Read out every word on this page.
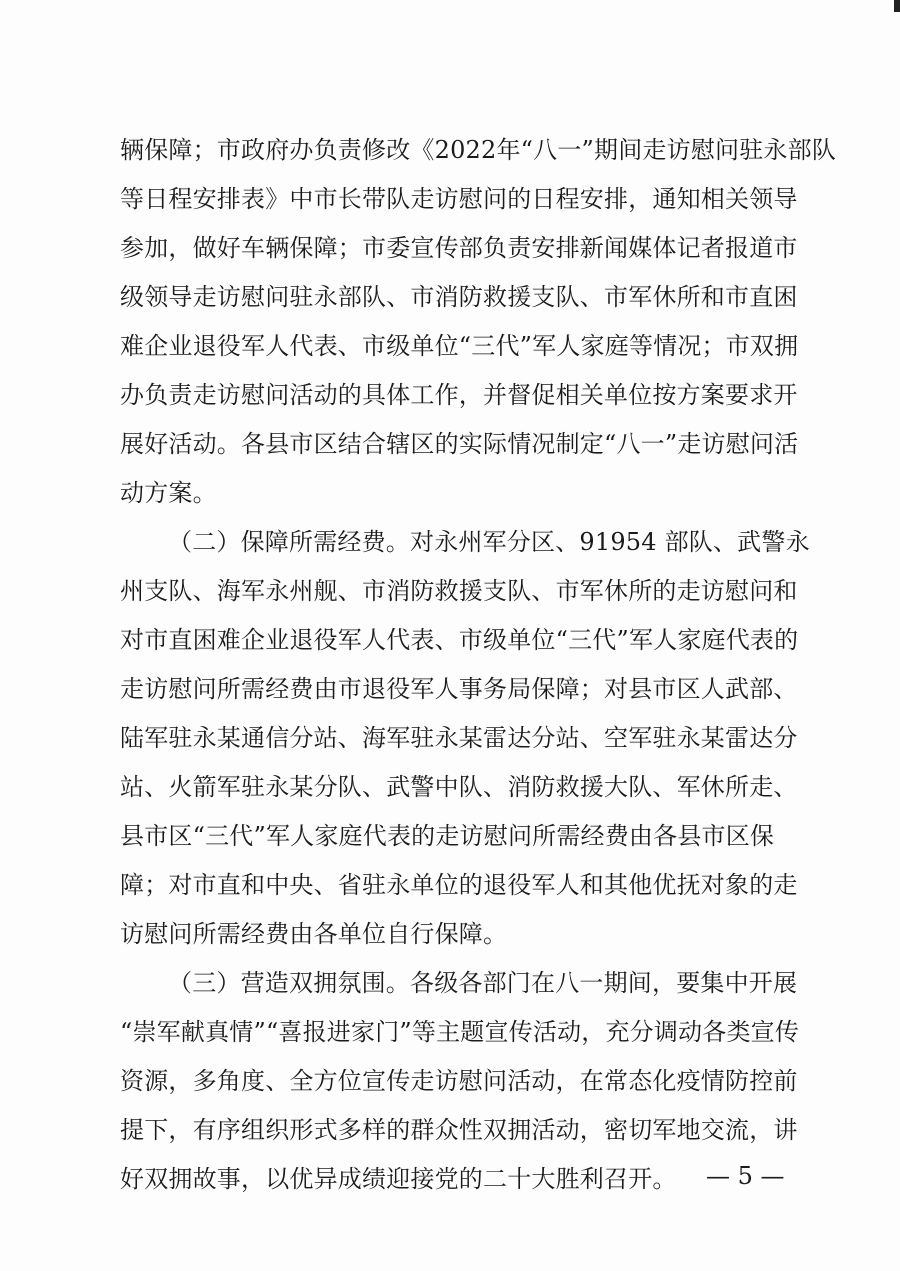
辆保障；市政府办负责修改《2022年“八一”期间走访慰问驻永部队
等日程安排表》中市长带队走访慰问的日程安排，通知相关领导
参加，做好车辆保障；市委宣传部负责安排新闻媒体记者报道市
级领导走访慰问驻永部队、市消防救援支队、市军休所和市直困
难企业退役军人代表、市级单位“三代”军人家庭等情况；市双拥
办负责走访慰问活动的具体工作，并督促相关单位按方案要求开
展好活动。各县市区结合辖区的实际情况制定“八一”走访慰问活
动方案。
（二）保障所需经费。对永州军分区、91954 部队、武警永
州支队、海军永州舰、市消防救援支队、市军休所的走访慰问和
对市直困难企业退役军人代表、市级单位“三代”军人家庭代表的
走访慰问所需经费由市退役军人事务局保障；对县市区人武部、
陆军驻永某通信分站、海军驻永某雷达分站、空军驻永某雷达分
站、火箭军驻永某分队、武警中队、消防救援大队、军休所走、
县市区“三代”军人家庭代表的走访慰问所需经费由各县市区保
障；对市直和中央、省驻永单位的退役军人和其他优抚对象的走
访慰问所需经费由各单位自行保障。
（三）营造双拥氛围。各级各部门在八一期间，要集中开展
“崇军献真情”“喜报进家门”等主题宣传活动，充分调动各类宣传
资源，多角度、全方位宣传走访慰问活动，在常态化疫情防控前
提下，有序组织形式多样的群众性双拥活动，密切军地交流，讲
好双拥故事，以优异成绩迎接党的二十大胜利召开。 — 5 —
